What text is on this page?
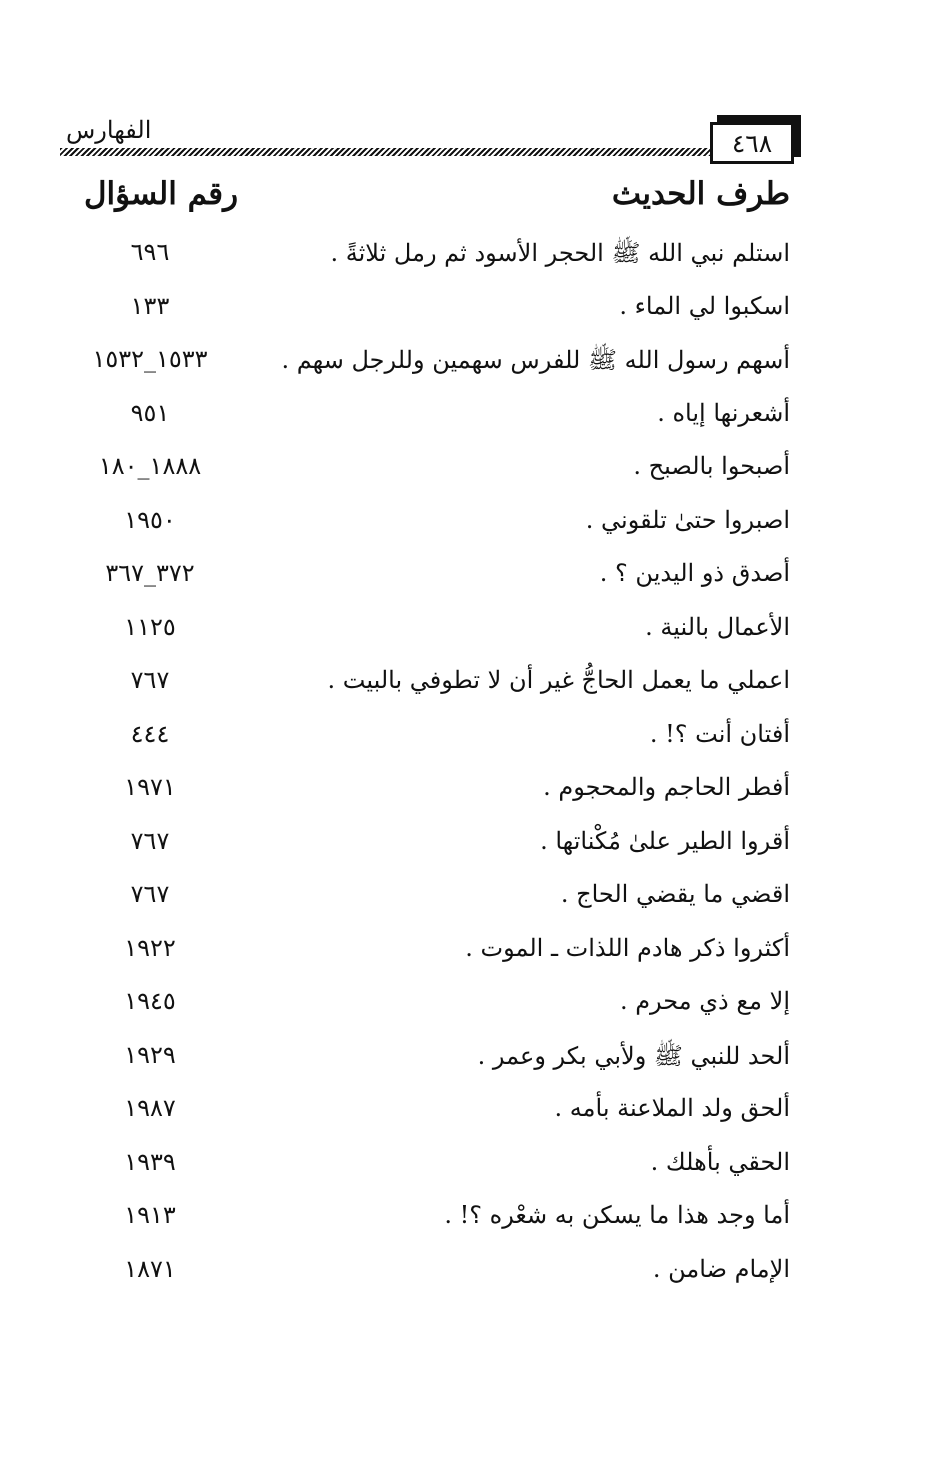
٤٦٨
الفهارس
طرف الحديث
رقم السؤال
استلم نبي الله ﷺ الحجر الأسود ثم رمل ثلاثةً .
٦٩٦
اسكبوا لي الماء .
١٣٣
أسهم رسول الله ﷺ للفرس سهمين وللرجل سهم .
١٥٣٣_١٥٣٢
أشعرنها إياه .
٩٥١
أصبحوا بالصبح .
١٨٨٨_١٨٠
اصبروا حتىٰ تلقوني .
١٩٥٠
أصدق ذو اليدين ؟ .
٣٧٢_٣٦٧
الأعمال بالنية .
١١٢٥
اعملي ما يعمل الحاجُّ غير أن لا تطوفي بالبيت .
٧٦٧
أفتان أنت ؟! .
٤٤٤
أفطر الحاجم والمحجوم .
١٩٧١
أقروا الطير علىٰ مُكْناتها .
٧٦٧
اقضي ما يقضي الحاج .
٧٦٧
أكثروا ذكر هادم اللذات ـ الموت .
١٩٢٢
إلا مع ذي محرم .
١٩٤٥
ألحد للنبي ﷺ ولأبي بكر وعمر .
١٩٢٩
ألحق ولد الملاعنة بأمه .
١٩٨٧
الحقي بأهلك .
١٩٣٩
أما وجد هذا ما يسكن به شعْره ؟! .
١٩١٣
الإمام ضامن .
١٨٧١
